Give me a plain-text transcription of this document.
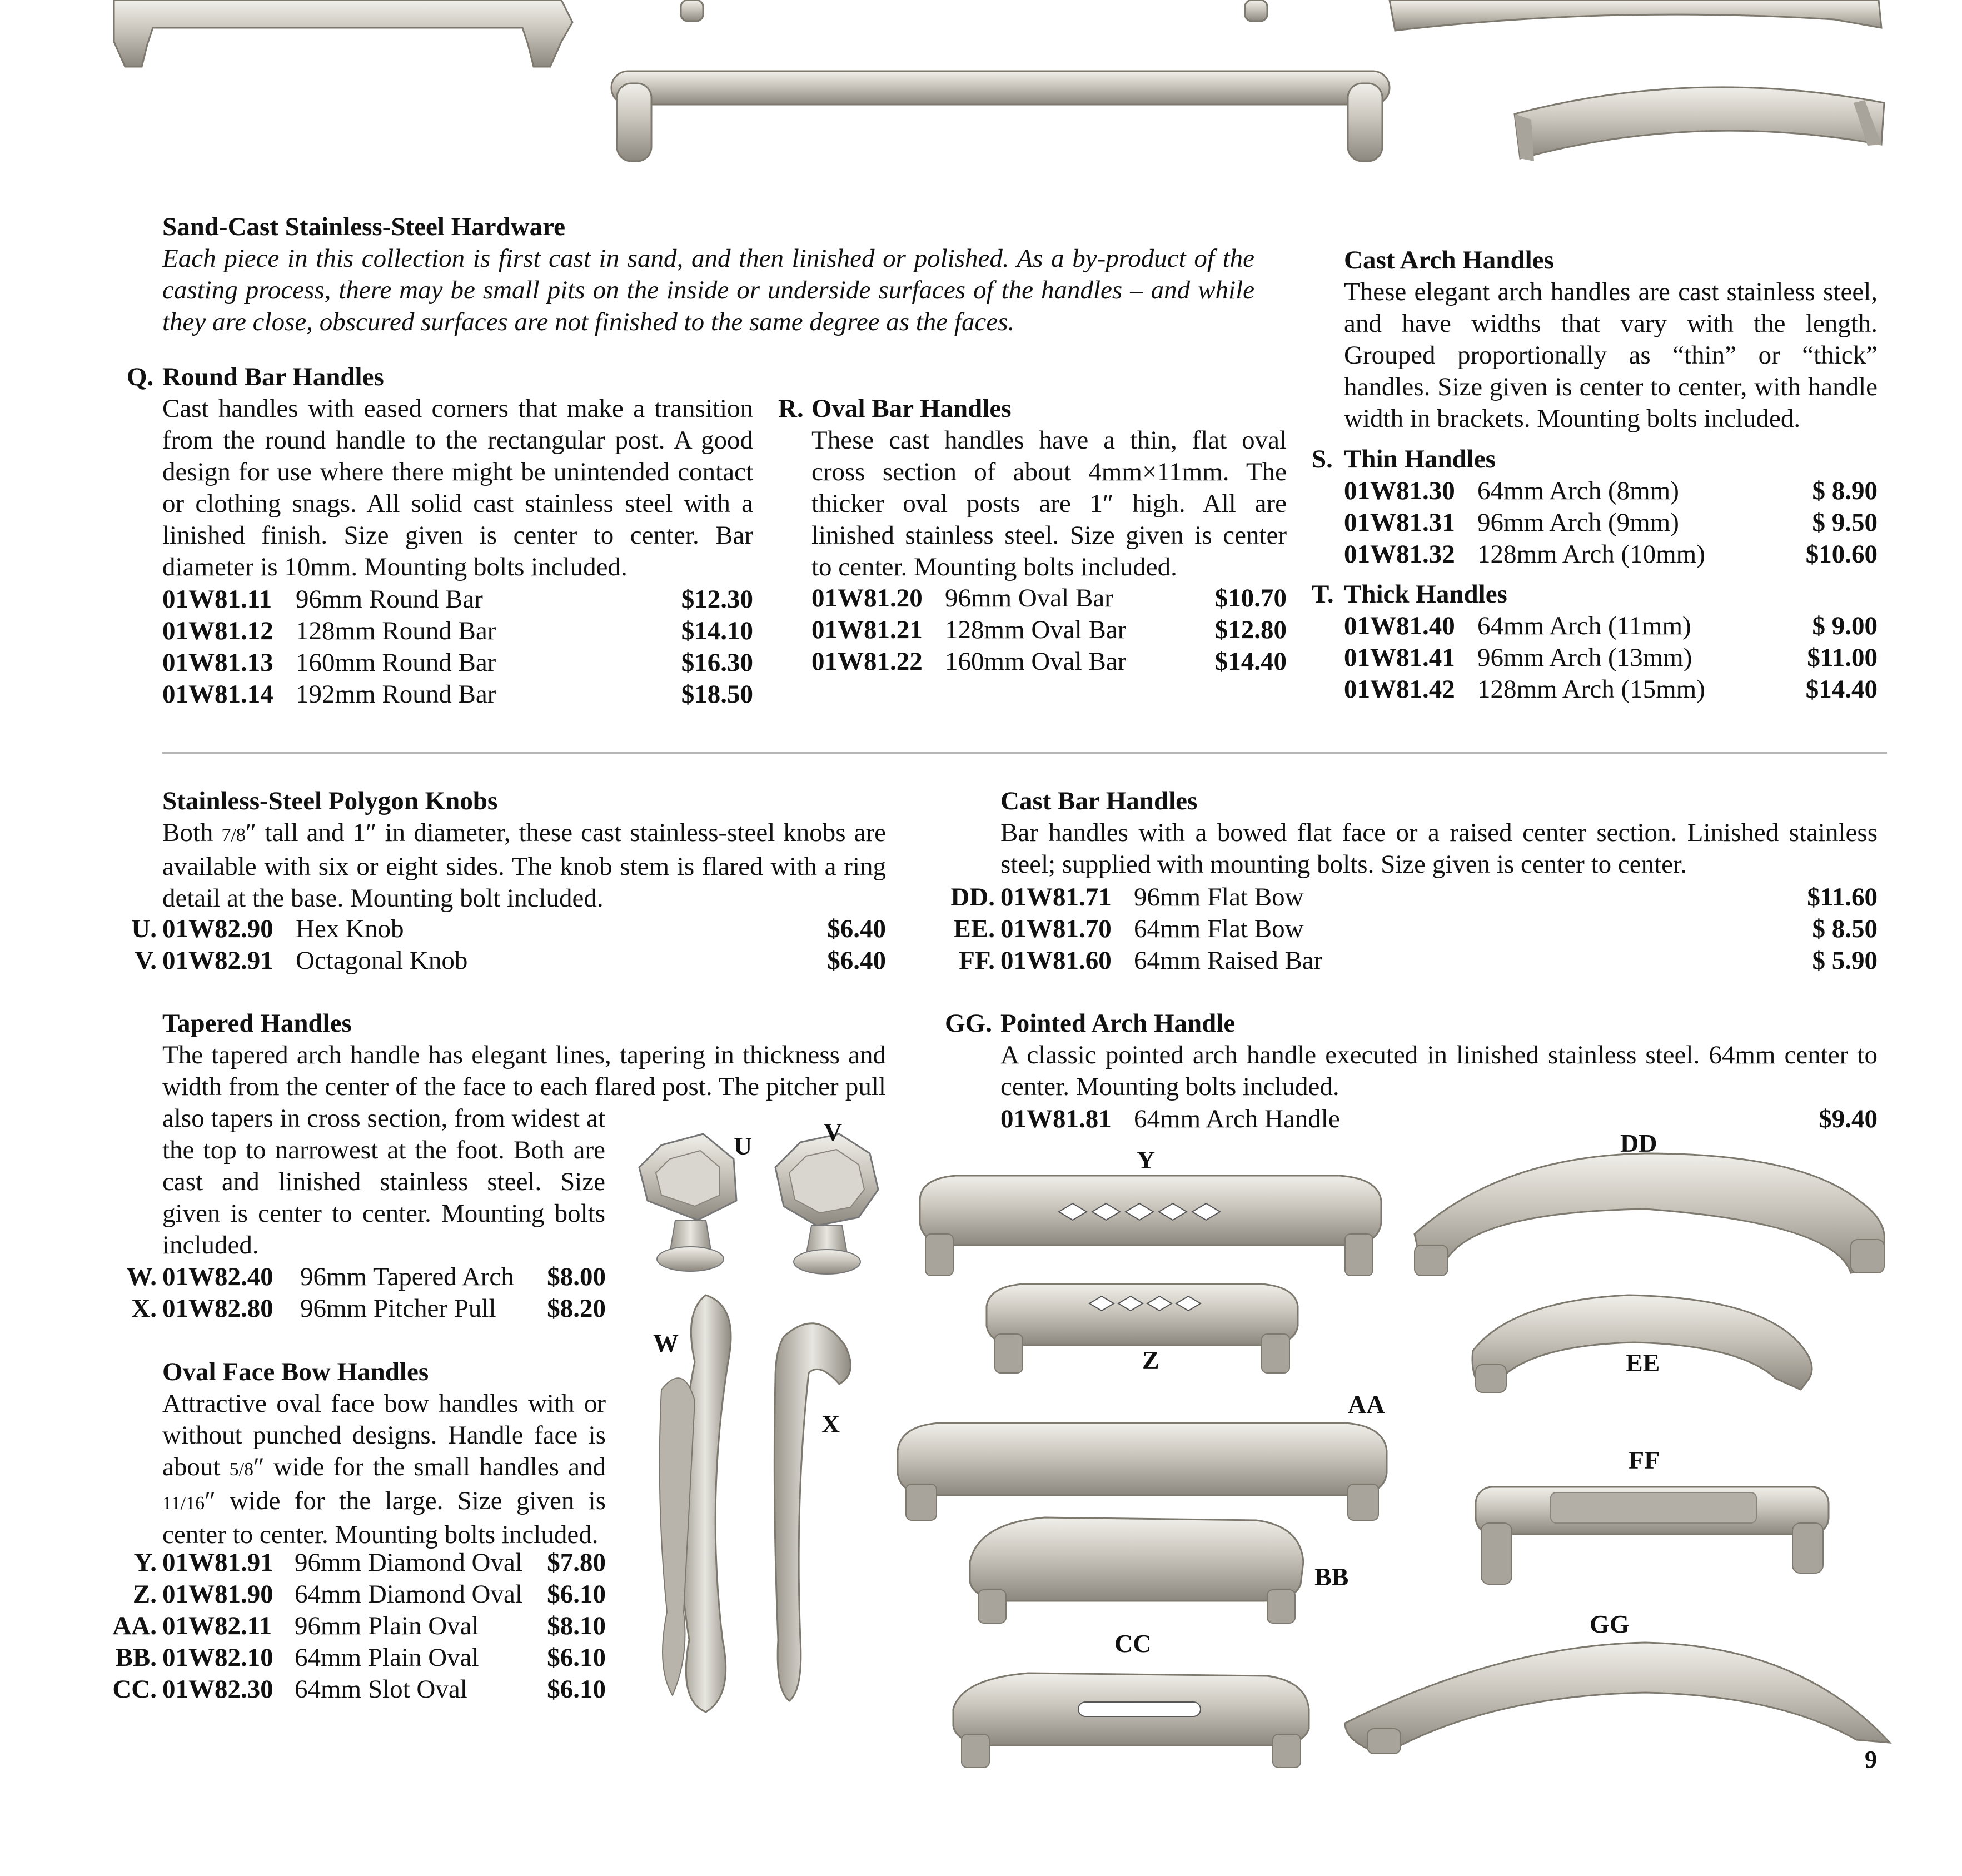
Sand-Cast Stainless-Steel Hardware
Each piece in this collection is first cast in sand, and then linished or polished. As a by-product of the casting process, there may be small pits on the inside or underside surfaces of the handles – and while they are close, obscured surfaces are not finished to the same degree as the faces.
Q. Round Bar Handles
Cast handles with eased corners that make a transition from the round handle to the rectangular post. A good design for use where there might be unintended contact or clothing snags. All solid cast stainless steel with a linished finish. Size given is center to center. Bar diameter is 10mm. Mounting bolts included.
01W81.11 96mm Round Bar	$12.30
01W81.12 128mm Round Bar	$14.10
01W81.13 160mm Round Bar	$16.30
01W81.14 192mm Round Bar	$18.50
R. Oval Bar Handles
These cast handles have a thin, flat oval cross section of about 4mm×11mm. The thicker oval posts are 1″ high. All are linished stainless steel. Size given is center to center. Mounting bolts included.
01W81.20 96mm Oval Bar	$10.70
01W81.21 128mm Oval Bar	$12.80
01W81.22 160mm Oval Bar	$14.40
Cast Arch Handles
These elegant arch handles are cast stainless steel, and have widths that vary with the length. Grouped proportionally as “thin” or “thick” handles. Size given is center to center, with handle width in brackets. Mounting bolts included.
S. Thin Handles
01W81.30 64mm Arch (8mm)	$ 8.90
01W81.31 96mm Arch (9mm)	$ 9.50
01W81.32 128mm Arch (10mm)	$10.60
T. Thick Handles
01W81.40 64mm Arch (11mm)	$ 9.00
01W81.41 96mm Arch (13mm)	$11.00
01W81.42 128mm Arch (15mm)	$14.40
Stainless-Steel Polygon Knobs
Both 7/8″ tall and 1″ in diameter, these cast stainless-steel knobs are available with six or eight sides. The knob stem is flared with a ring detail at the base. Mounting bolt included.
U. 01W82.90 Hex Knob	$6.40
V. 01W82.91 Octagonal Knob	$6.40
Cast Bar Handles
Bar handles with a bowed flat face or a raised center section. Linished stainless steel; supplied with mounting bolts. Size given is center to center.
DD. 01W81.71 96mm Flat Bow	$11.60
EE. 01W81.70 64mm Flat Bow	$ 8.50
FF. 01W81.60 64mm Raised Bar	$ 5.90
Tapered Handles
The tapered arch handle has elegant lines, tapering in thickness and width from the center of the face to each flared post. The pitcher pull also tapers in cross section, from widest at the top to narrowest at the foot. Both are cast and linished stainless steel. Size given is center to center. Mounting bolts included.
W. 01W82.40 96mm Tapered Arch $8.00
X. 01W82.80 96mm Pitcher Pull $8.20
GG. Pointed Arch Handle
A classic pointed arch handle executed in linished stainless steel. 64mm center to center. Mounting bolts included.
01W81.81 64mm Arch Handle	$9.40
Oval Face Bow Handles
Attractive oval face bow handles with or without punched designs. Handle face is about 5/8″ wide for the small handles and 11/16″ wide for the large. Size given is center to center. Mounting bolts included.
Y. 01W81.91 96mm Diamond Oval $7.80
Z. 01W81.90 64mm Diamond Oval $6.10
AA. 01W82.11 96mm Plain Oval	$8.10
BB. 01W82.10 64mm Plain Oval	$6.10
CC. 01W82.30 64mm Slot Oval	$6.10
U	V
W
X
Y
Z
AA
BB
CC
DD
EE
FF
GG
9
